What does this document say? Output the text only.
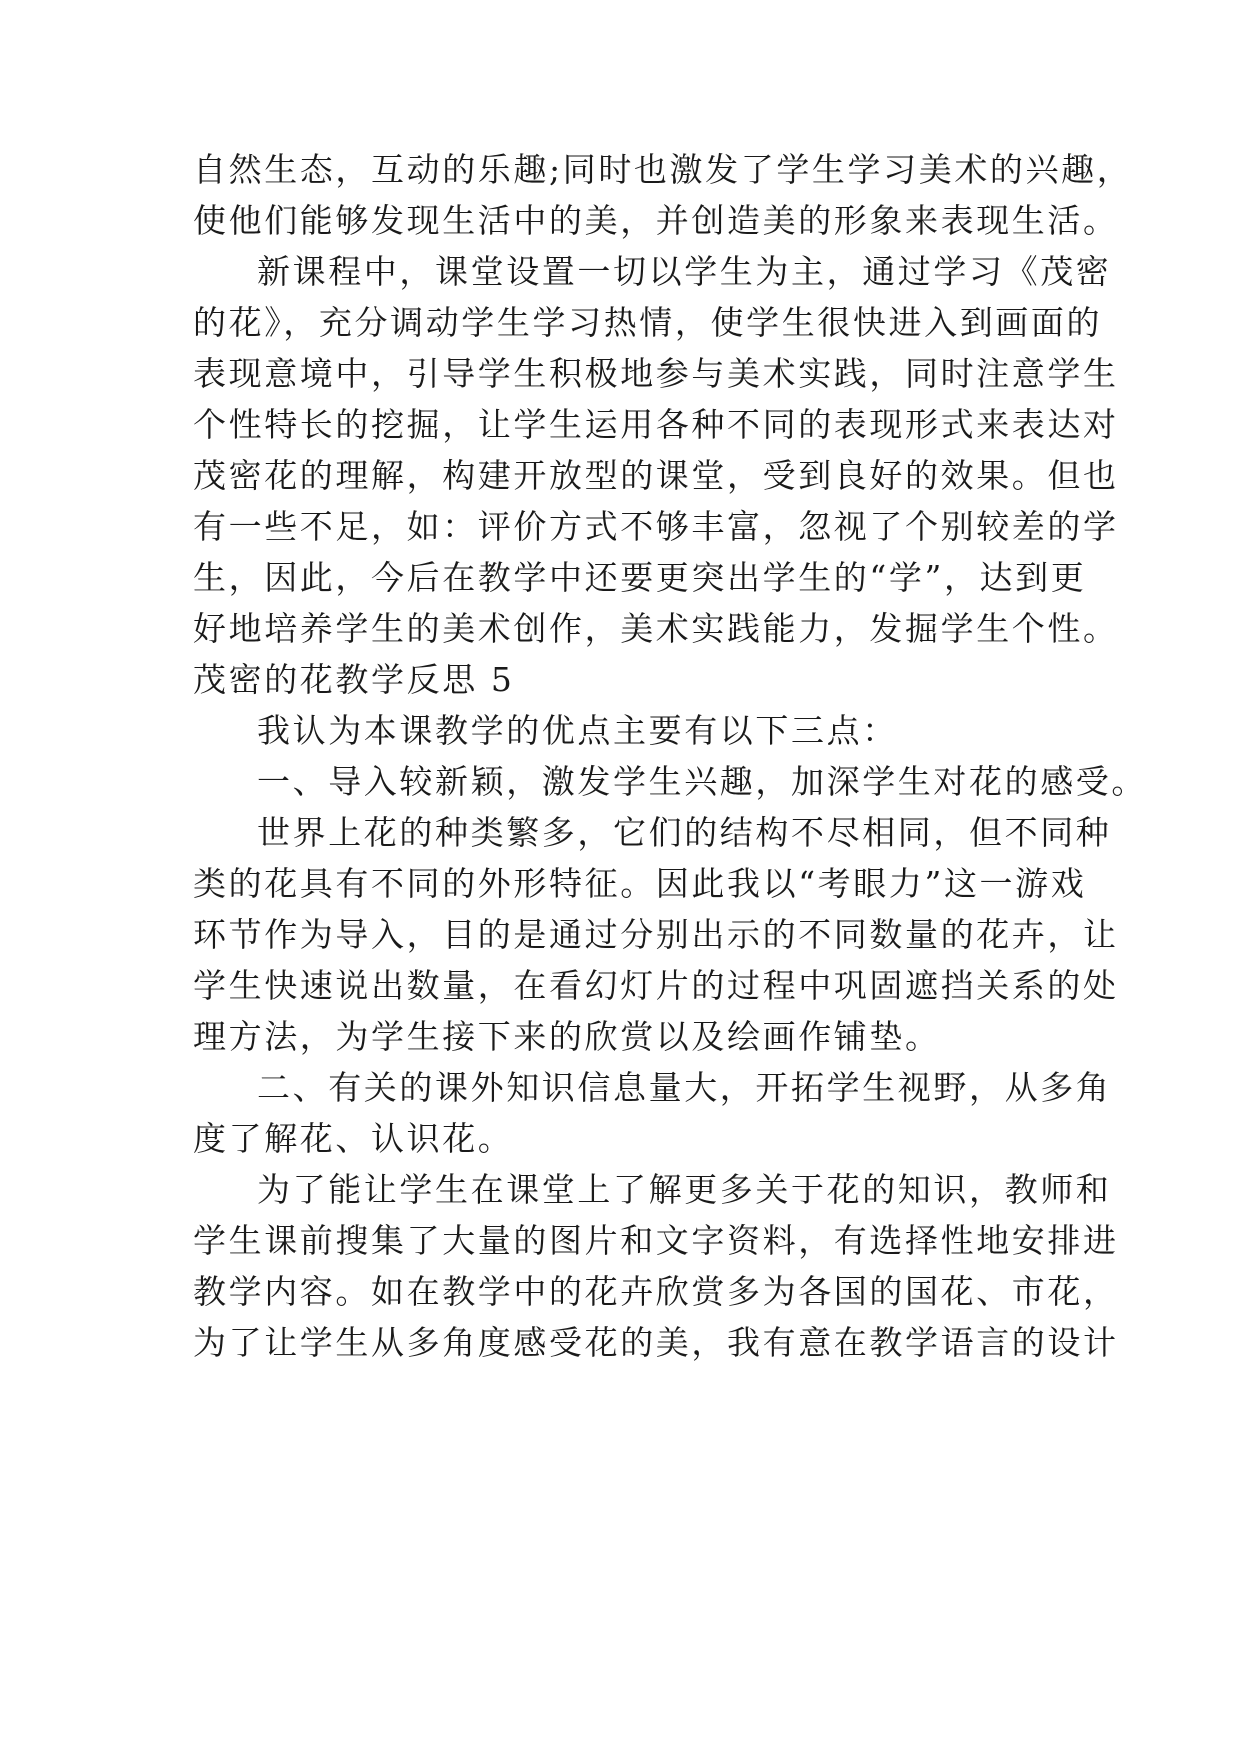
自然生态，互动的乐趣;同时也激发了学生学习美术的兴趣，
使他们能够发现生活中的美，并创造美的形象来表现生活。
新课程中，课堂设置一切以学生为主，通过学习《茂密
的花》，充分调动学生学习热情，使学生很快进入到画面的
表现意境中，引导学生积极地参与美术实践，同时注意学生
个性特长的挖掘，让学生运用各种不同的表现形式来表达对
茂密花的理解，构建开放型的课堂，受到良好的效果。但也
有一些不足，如：评价方式不够丰富，忽视了个别较差的学
生，因此，今后在教学中还要更突出学生的“学”，达到更
好地培养学生的美术创作，美术实践能力，发掘学生个性。
茂密的花教学反思 5
我认为本课教学的优点主要有以下三点：
一、导入较新颖，激发学生兴趣，加深学生对花的感受。
世界上花的种类繁多，它们的结构不尽相同，但不同种
类的花具有不同的外形特征。因此我以“考眼力”这一游戏
环节作为导入，目的是通过分别出示的不同数量的花卉，让
学生快速说出数量，在看幻灯片的过程中巩固遮挡关系的处
理方法，为学生接下来的欣赏以及绘画作铺垫。
二、有关的课外知识信息量大，开拓学生视野，从多角
度了解花、认识花。
为了能让学生在课堂上了解更多关于花的知识，教师和
学生课前搜集了大量的图片和文字资料，有选择性地安排进
教学内容。如在教学中的花卉欣赏多为各国的国花、市花，
为了让学生从多角度感受花的美，我有意在教学语言的设计
